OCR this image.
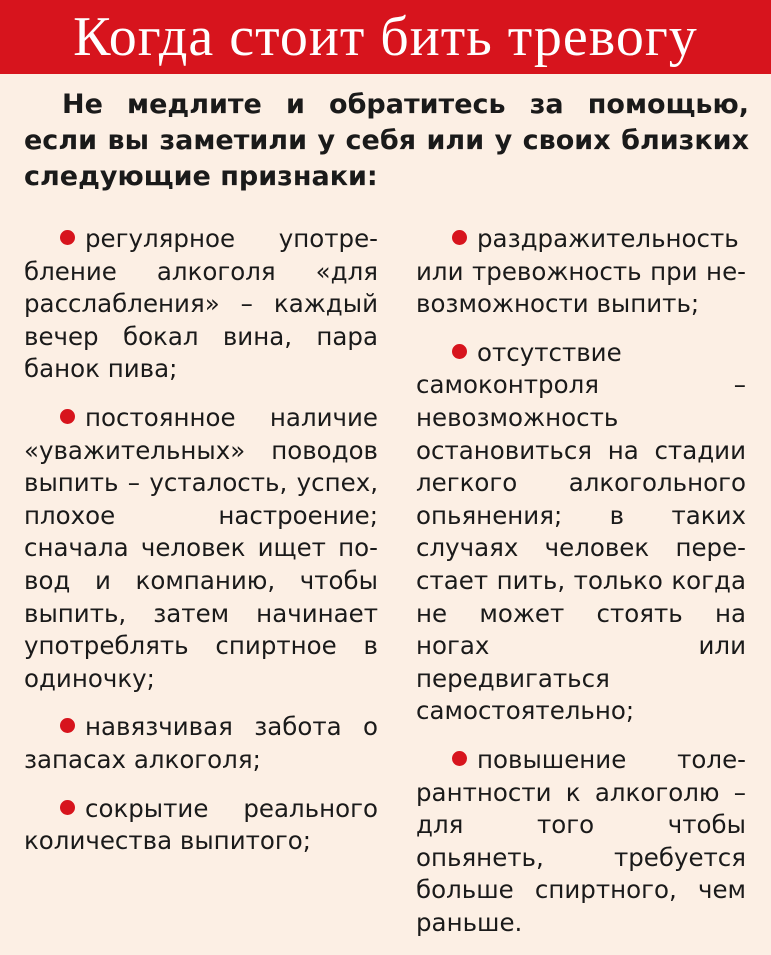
Когда стоит бить тревогу

Не медлите и обратитесь за помощью, если вы заметили у себя или у своих близких следующие признаки:

регулярное употребление алкоголя «для расслабления» – каждый вечер бокал вина, пара банок пива;

постоянное наличие «уважительных» поводов выпить – усталость, успех, плохое настроение; сначала человек ищет повод и компанию, чтобы выпить, затем начинает употреблять спиртное в одиночку;

навязчивая забота о запасах алкоголя;

сокрытие реального количества выпитого;

раздражительность или тревожность при невозможности выпить;

отсутствие самоконтроля – невозможность остановиться на стадии легкого алкогольного опьянения; в таких случаях человек перестает пить, только когда не может стоять на ногах или передвигаться самостоятельно;

повышение толерантности к алкоголю – для того чтобы опьянеть, требуется больше спиртного, чем раньше.
